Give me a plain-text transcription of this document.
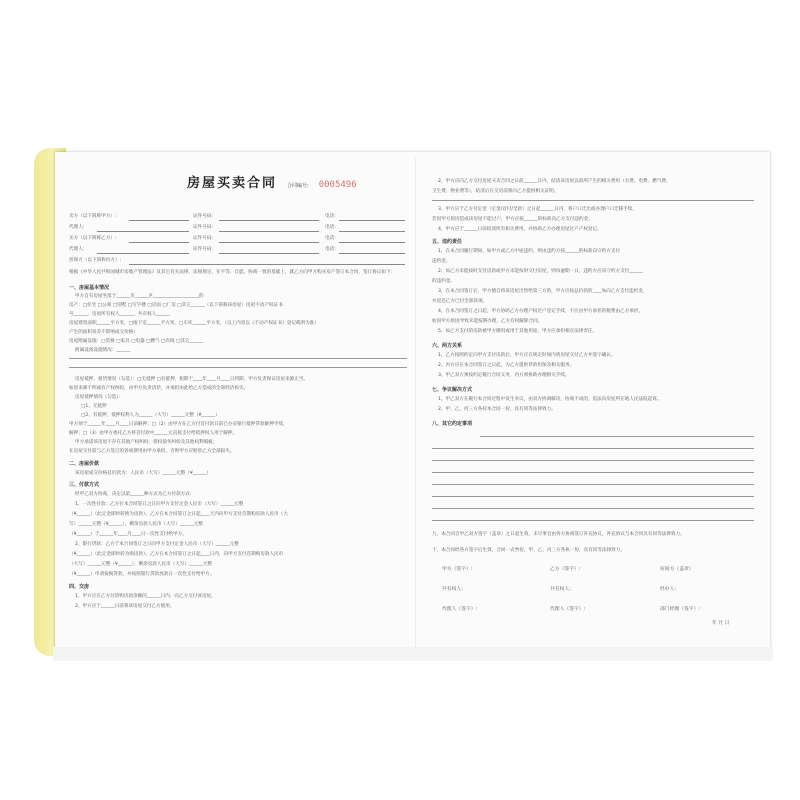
房屋买卖合同 合同编号: 0005496
卖方（以下简称甲方）:	证件号码:	电话:
代理人:	证件号码:	电话:
买方（以下简称乙方）:	证件号码:	电话:
代理人:	证件号码:	电话:
担保方（以下简称丙方）:
根据《中华人民共和国城市房地产管理法》及其它有关法律、法规规定，在平等、自愿、协商一致的基础上，就乙方向甲方购买房产签订本合同，签订协议如下：
一、房屋基本情况
甲方自有房屋坐落于______市______区____________________的
房产：□住宅 □公寓 □别墅 □写字楼 □店面 □厂房 □其它______（以下简称该房屋）房屋不动产权证书
号______，房屋所有权人______，共有权人______
房屋建筑面积______平方米，□地下室______平方米，□车库______平方米，（以上内容以《不动产权证书》登记载明为准）
产生的面积误差不影响成交价格）
房屋附属设施：□装修 □家具 □电器 □燃气 □有线 □其它______
附属设备设施情况：______
房屋抵押、租赁情况（勾选）：□无抵押 □有抵押，租期于____年____月____日到期，甲方负责保证房屋来源正当。
如因来源不明或有产权纠纷，由甲方负责清偿，并承担由此给乙方造成的全部经济损失。
房屋抵押情况（勾选）：
□1、无抵押
□2、有抵押，抵押权利人为______（大写）______元整（¥______）
甲方须于______年____月____日前解押；□（2）由甲方在乙方付首付款日前已办妥银行抵押贷款解押手续，
解押；□（3）由甲方委托乙方将首付款中______元直接支付给抵押权人用于解押。
甲方承诺该房屋不存在其他产权纠纷、债权债务纠纷及其他权利瑕疵；
在房屋交付前与乙方签订的各项费用由甲方承担，否则甲方应赔偿乙方全部损失。
二、房屋价款
该房屋成交价格总价款为：人民币（大写）______元整（¥______）
三、付款方式
经甲乙双方协商，决定以第______种方式为乙方付款方式：
1、一次性付款：乙方在本合同签订之日向甲方支付定金人民币（大写）______元整
（¥______）（此定金即时转换为房款）。乙方在本合同签订之日起____天内向甲方支付首期购房款人民币（大
写）______元整（¥______），剩余房款人民币（大写）______元整
（¥______）于______年____月____日一次性支付给甲方。
2、银行贷款：乙方于本合同签订之日向甲方支付定金人民币（大写）______元整
（¥______）（此定金即时转为购房款）。乙方在本合同签订之日起____日内，向甲方支付首期购房款人民币
（大写）______元整（¥______），剩余房款人民币（大写）______元整
（¥______）申请按揭贷款，并按照银行贷款放款日一次性支付给甲方。
四、交房
1、甲方应在乙方付清购房款余额的______日内，向乙方交付该房屋。
2、甲方应于______日前将该房屋交付乙方使用。
2、甲方应向乙方交付房屋买卖合同之日前______日内，结清该房屋以前所产生的相关费用（水费、电费、燃气费、
卫生费、物业费等），结清后在交房前须向乙方提供相关证明。
3、甲方应于乙方付定金（定金/首付/全款）之日起______日内，将户口迁出或办理户口迁移手续，
若因甲方原因造成该房屋不能过户，甲方应按______的标准向乙方支付违约金。
4、甲方应于______日前结清所有相关费用，并协助乙方办理房屋过户产权登记。
五、违约责任
1、在本合同履行期间，如甲方或乙方中途违约，则由违约方按______的标准向守约方支付
违约金。
2、如乙方未能按时支付房款或甲方未能按时交付房屋，则每逾期一日，违约方应向守约方支付______
的违约金。
3、在本合同签订后，甲方擅自将该房屋出售给第三方的，甲方应按总价款的____%向乙方支付违约金，
并返还乙方已付全部款项。
4、在本合同签订之日起，甲方协助乙方办理产权过户登记手续，不应由甲方承担的税费由乙方承担，
如因甲方原因导致未能按期办理，乙方有权解除合同。
5、如乙方支付的房款被甲方挪用或用于其他用途，甲方应承担相应法律责任。
六、两方关系
1、乙方按照约定向甲方支付房款后，甲方应在规定时间内将房屋交付乙方并签字确认。
2、丙方应在本合同签订之日起，为乙方提供贷款担保及相关服务。
3、甲乙双方须按约定履行合同义务，丙方须协助办理相关手续。
七、争议解决方式
1、甲乙双方在履行本合同过程中发生争议，由双方协商解决，协商不成的，依法向房屋所在地人民法院起诉。
2、甲、乙、丙三方各持本合同一份，具有同等法律效力。
八、其它约定事项
九、本合同自甲乙双方签字（盖章）之日起生效，未尽事宜由各方协商签订补充协议，补充协议与本合同具有同等法律效力。
十、本合同经各方签字后生效，合同一式叁份，甲、乙、丙三方各执一份，具有同等法律效力。
甲方（签字）:	乙方（签字）:	居间方（盖章）
共有权人:	共有权人:	经办人:
代理人（签字）:	代理人（签字）:	部门经理（签字）:
年 月 日
